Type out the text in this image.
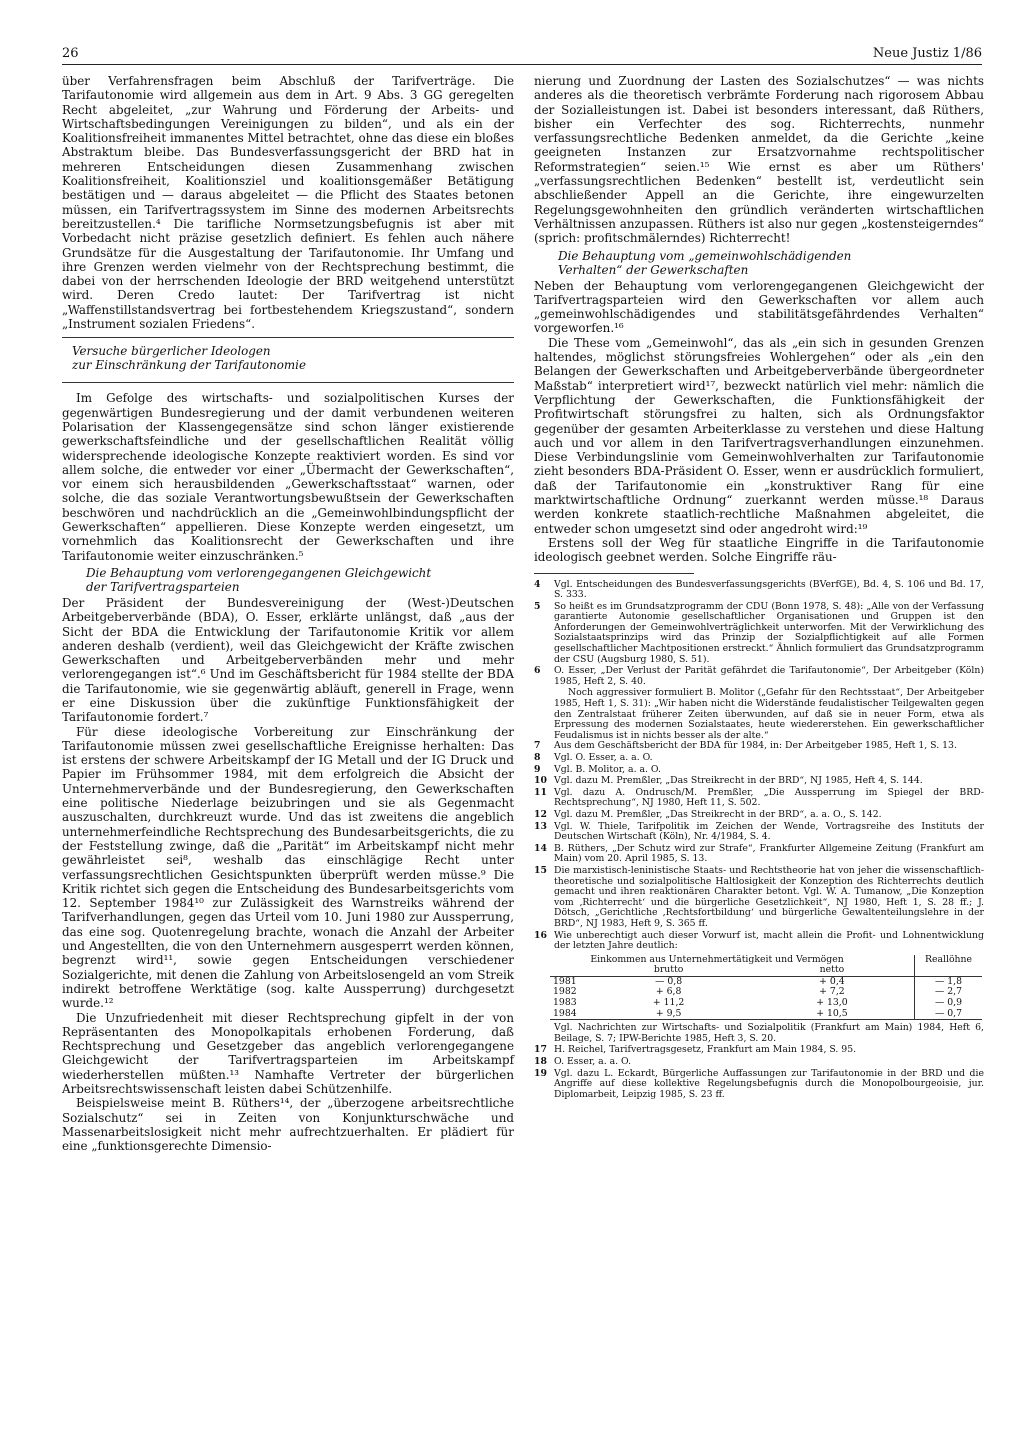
26	Neue Justiz 1/86

über Verfahrensfragen beim Abschluß der Tarifverträge. Die Tarifautonomie wird allgemein aus dem in Art. 9 Abs. 3 GG geregelten Recht abgeleitet, „zur Wahrung und Förderung der Arbeits- und Wirtschaftsbedingungen Vereinigungen zu bilden“, und als ein der Koalitionsfreiheit immanentes Mittel betrachtet, ohne das diese ein bloßes Abstraktum bleibe. Das Bundesverfassungsgericht der BRD hat in mehreren Entscheidungen diesen Zusammenhang zwischen Koalitionsfreiheit, Koalitionsziel und koalitionsgemäßer Betätigung bestätigen und — daraus abgeleitet — die Pflicht des Staates betonen müssen, ein Tarifvertragssystem im Sinne des modernen Arbeitsrechts bereitzustellen.⁴ Die tarifliche Normsetzungsbefugnis ist aber mit Vorbedacht nicht präzise gesetzlich definiert. Es fehlen auch nähere Grundsätze für die Ausgestaltung der Tarifautonomie. Ihr Umfang und ihre Grenzen werden vielmehr von der Rechtsprechung bestimmt, die dabei von der herrschenden Ideologie der BRD weitgehend unterstützt wird. Deren Credo lautet: Der Tarifvertrag ist nicht „Waffenstillstandsvertrag bei fortbestehendem Kriegszustand“, sondern „Instrument sozialen Friedens“.

Versuche bürgerlicher Ideologen
zur Einschränkung der Tarifautonomie

Im Gefolge des wirtschafts- und sozialpolitischen Kurses der gegenwärtigen Bundesregierung und der damit verbundenen weiteren Polarisation der Klassengegensätze sind schon länger existierende gewerkschaftsfeindliche und der gesellschaftlichen Realität völlig widersprechende ideologische Konzepte reaktiviert worden. Es sind vor allem solche, die entweder vor einer „Übermacht der Gewerkschaften“, vor einem sich herausbildenden „Gewerkschaftsstaat“ warnen, oder solche, die das soziale Verantwortungsbewußtsein der Gewerkschaften beschwören und nachdrücklich an die „Gemeinwohlbindungspflicht der Gewerkschaften“ appellieren. Diese Konzepte werden eingesetzt, um vornehmlich das Koalitionsrecht der Gewerkschaften und ihre Tarifautonomie weiter einzuschränken.⁵

Die Behauptung vom verlorengegangenen Gleichgewicht
der Tarifvertragsparteien

Der Präsident der Bundesvereinigung der (West-)Deutschen Arbeitgeberverbände (BDA), O. Esser, erklärte unlängst, daß „aus der Sicht der BDA die Entwicklung der Tarifautonomie Kritik vor allem anderen deshalb (verdient), weil das Gleichgewicht der Kräfte zwischen Gewerkschaften und Arbeitgeberverbänden mehr und mehr verlorengegangen ist“.⁶ Und im Geschäftsbericht für 1984 stellte der BDA die Tarifautonomie, wie sie gegenwärtig abläuft, generell in Frage, wenn er eine Diskussion über die zukünftige Funktionsfähigkeit der Tarifautonomie fordert.⁷

Für diese ideologische Vorbereitung zur Einschränkung der Tarifautonomie müssen zwei gesellschaftliche Ereignisse herhalten: Das ist erstens der schwere Arbeitskampf der IG Metall und der IG Druck und Papier im Frühsommer 1984, mit dem erfolgreich die Absicht der Unternehmerverbände und der Bundesregierung, den Gewerkschaften eine politische Niederlage beizubringen und sie als Gegenmacht auszuschalten, durchkreuzt wurde. Und das ist zweitens die angeblich unternehmerfeindliche Rechtsprechung des Bundesarbeitsgerichts, die zu der Feststellung zwinge, daß die „Parität“ im Arbeitskampf nicht mehr gewährleistet sei⁸, weshalb das einschlägige Recht unter verfassungsrechtlichen Gesichtspunkten überprüft werden müsse.⁹ Die Kritik richtet sich gegen die Entscheidung des Bundesarbeitsgerichts vom 12. September 1984¹⁰ zur Zulässigkeit des Warnstreiks während der Tarifverhandlungen, gegen das Urteil vom 10. Juni 1980 zur Aussperrung, das eine sog. Quotenregelung brachte, wonach die Anzahl der Arbeiter und Angestellten, die von den Unternehmern ausgesperrt werden können, begrenzt wird¹¹, sowie gegen Entscheidungen verschiedener Sozialgerichte, mit denen die Zahlung von Arbeitslosengeld an vom Streik indirekt betroffene Werktätige (sog. kalte Aussperrung) durchgesetzt wurde.¹²

Die Unzufriedenheit mit dieser Rechtsprechung gipfelt in der von Repräsentanten des Monopolkapitals erhobenen Forderung, daß Rechtsprechung und Gesetzgeber das angeblich verlorengegangene Gleichgewicht der Tarifvertragsparteien im Arbeitskampf wiederherstellen müßten.¹³ Namhafte Vertreter der bürgerlichen Arbeitsrechtswissenschaft leisten dabei Schützenhilfe.

Beispielsweise meint B. Rüthers¹⁴, der „überzogene arbeitsrechtliche Sozialschutz“ sei in Zeiten von Konjunkturschwäche und Massenarbeitslosigkeit nicht mehr aufrechtzuerhalten. Er plädiert für eine „funktionsgerechte Dimensio-

nierung und Zuordnung der Lasten des Sozialschutzes“ — was nichts anderes als die theoretisch verbrämte Forderung nach rigorosem Abbau der Sozialleistungen ist. Dabei ist besonders interessant, daß Rüthers, bisher ein Verfechter des sog. Richterrechts, nunmehr verfassungsrechtliche Bedenken anmeldet, da die Gerichte „keine geeigneten Instanzen zur Ersatzvornahme rechtspolitischer Reformstrategien“ seien.¹⁵ Wie ernst es aber um Rüthers' „verfassungsrechtlichen Bedenken“ bestellt ist, verdeutlicht sein abschließender Appell an die Gerichte, ihre eingewurzelten Regelungsgewohnheiten den gründlich veränderten wirtschaftlichen Verhältnissen anzupassen. Rüthers ist also nur gegen „kostensteigerndes“ (sprich: profitschmälerndes) Richterrecht!

Die Behauptung vom „gemeinwohlschädigenden
Verhalten“ der Gewerkschaften

Neben der Behauptung vom verlorengegangenen Gleichgewicht der Tarifvertragsparteien wird den Gewerkschaften vor allem auch „gemeinwohlschädigendes und stabilitätsgefährdendes Verhalten“ vorgeworfen.¹⁶

Die These vom „Gemeinwohl“, das als „ein sich in gesunden Grenzen haltendes, möglichst störungsfreies Wohlergehen“ oder als „ein den Belangen der Gewerkschaften und Arbeitgeberverbände übergeordneter Maßstab“ interpretiert wird¹⁷, bezweckt natürlich viel mehr: nämlich die Verpflichtung der Gewerkschaften, die Funktionsfähigkeit der Profitwirtschaft störungsfrei zu halten, sich als Ordnungsfaktor gegenüber der gesamten Arbeiterklasse zu verstehen und diese Haltung auch und vor allem in den Tarifvertragsverhandlungen einzunehmen. Diese Verbindungslinie vom Gemeinwohlverhalten zur Tarifautonomie zieht besonders BDA-Präsident O. Esser, wenn er ausdrücklich formuliert, daß der Tarifautonomie ein „konstruktiver Rang für eine marktwirtschaftliche Ordnung“ zuerkannt werden müsse.¹⁸ Daraus werden konkrete staatlich-rechtliche Maßnahmen abgeleitet, die entweder schon umgesetzt sind oder angedroht wird:¹⁹

Erstens soll der Weg für staatliche Eingriffe in die Tarifautonomie ideologisch geebnet werden. Solche Eingriffe räu-

4	Vgl. Entscheidungen des Bundesverfassungsgerichts (BVerfGE), Bd. 4, S. 106 und Bd. 17, S. 333.
5	So heißt es im Grundsatzprogramm der CDU (Bonn 1978, S. 48): „Alle von der Verfassung garantierte Autonomie gesellschaftlicher Organisationen und Gruppen ist den Anforderungen der Gemeinwohlverträglichkeit unterworfen. Mit der Verwirklichung des Sozialstaatsprinzips wird das Prinzip der Sozialpflichtigkeit auf alle Formen gesellschaftlicher Machtpositionen erstreckt.“ Ähnlich formuliert das Grundsatzprogramm der CSU (Augsburg 1980, S. 51).
6	O. Esser, „Der Verlust der Parität gefährdet die Tarifautonomie“, Der Arbeitgeber (Köln) 1985, Heft 2, S. 40.
Noch aggressiver formuliert B. Molitor („Gefahr für den Rechtsstaat“, Der Arbeitgeber 1985, Heft 1, S. 31): „Wir haben nicht die Widerstände feudalistischer Teilgewalten gegen den Zentralstaat früherer Zeiten überwunden, auf daß sie in neuer Form, etwa als Erpressung des modernen Sozialstaates, heute wiedererstehen. Ein gewerkschaftlicher Feudalismus ist in nichts besser als der alte.“
7	Aus dem Geschäftsbericht der BDA für 1984, in: Der Arbeitgeber 1985, Heft 1, S. 13.
8	Vgl. O. Esser, a. a. O.
9	Vgl. B. Molitor, a. a. O.
10 Vgl. dazu M. Premßler, „Das Streikrecht in der BRD“, NJ 1985, Heft 4, S. 144.
11 Vgl. dazu A. Ondrusch/M. Premßler, „Die Aussperrung im Spiegel der BRD-Rechtsprechung“, NJ 1980, Heft 11, S. 502.
12 Vgl. dazu M. Premßler, „Das Streikrecht in der BRD“, a. a. O., S. 142.
13 Vgl. W. Thiele, Tarifpolitik im Zeichen der Wende, Vortragsreihe des Instituts der Deutschen Wirtschaft (Köln), Nr. 4/1984, S. 4.
14 B. Rüthers, „Der Schutz wird zur Strafe“, Frankfurter Allgemeine Zeitung (Frankfurt am Main) vom 20. April 1985, S. 13.
15 Die marxistisch-leninistische Staats- und Rechtstheorie hat von jeher die wissenschaftlich-theoretische und sozialpolitische Haltlosigkeit der Konzeption des Richterrechts deutlich gemacht und ihren reaktionären Charakter betont. Vgl. W. A. Tumanow, „Die Konzeption vom ‚Richterrecht‘ und die bürgerliche Gesetzlichkeit“, NJ 1980, Heft 1, S. 28 ff.; J. Dötsch, „Gerichtliche ‚Rechtsfortbildung‘ und bürgerliche Gewaltenteilungslehre in der BRD“, NJ 1983, Heft 9, S. 365 ff.
16 Wie unberechtigt auch dieser Vorwurf ist, macht allein die Profit- und Lohnentwicklung der letzten Jahre deutlich:
	Einkommen aus Unternehmertätigkeit und Vermögen		Reallöhne
	brutto	netto	
1981	— 0,8	+ 0,4	— 1,8
1982	+ 6,8	+ 7,2	— 2,7
1983	+ 11,2	+ 13,0	— 0,9
1984	+ 9,5	+ 10,5	— 0,7
Vgl. Nachrichten zur Wirtschafts- und Sozialpolitik (Frankfurt am Main) 1984, Heft 6, Beilage, S. 7; IPW-Berichte 1985, Heft 3, S. 20.
17 H. Reichel, Tarifvertragsgesetz, Frankfurt am Main 1984, S. 95.
18 O. Esser, a. a. O.
19 Vgl. dazu L. Eckardt, Bürgerliche Auffassungen zur Tarifautonomie in der BRD und die Angriffe auf diese kollektive Regelungsbefugnis durch die Monopolbourgeoisie, jur. Diplomarbeit, Leipzig 1985, S. 23 ff.
